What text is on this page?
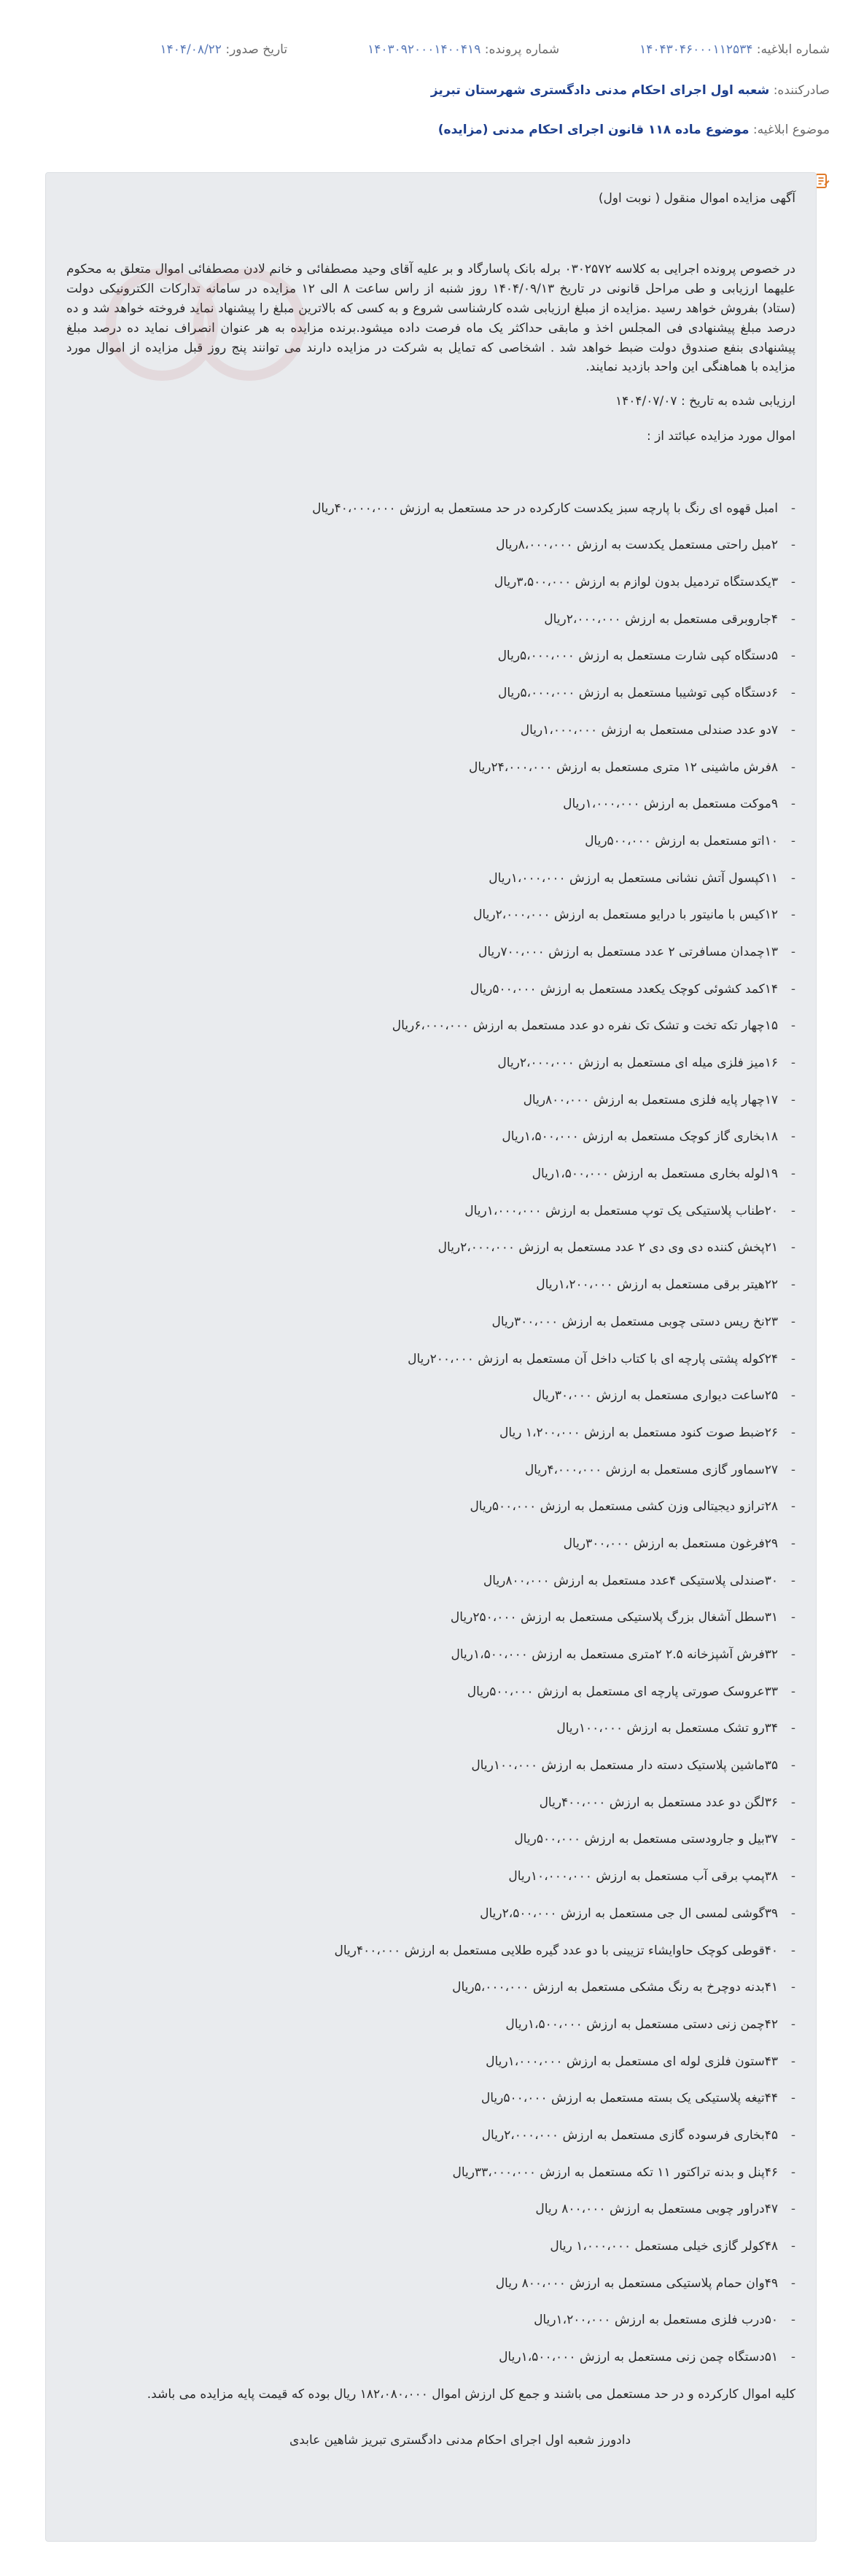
شماره ابلاغیه: ۱۴۰۴۳۰۴۶۰۰۰۱۱۲۵۳۴
شماره پرونده: ۱۴۰۳۰۹۲۰۰۰۱۴۰۰۴۱۹
تاریخ صدور: ۱۴۰۴/۰۸/۲۲
صادرکننده: شعبه اول اجرای احکام مدنی دادگستری شهرستان تبریز
موضوع ابلاغیه: موضوع ماده ۱۱۸ قانون اجرای احکام مدنی (مزایده)
آگهی مزایده اموال منقول ( نوبت اول)

در خصوص پرونده اجرایی به کلاسه ۰۳۰۲۵۷۲ برله بانک پاسارگاد و بر علیه آقای وحید مصطفائی و خانم لادن مصطفائی اموال متعلق به محکوم علیهما ارزیابی و طی مراحل قانونی در تاریخ ۱۴۰۴/۰۹/۱۳ روز شنبه از راس ساعت ۸ الی ۱۲ مزایده در سامانه تدارکات الکترونیکی دولت (ستاد) بفروش خواهد رسید .مزایده از مبلغ ارزیابی شده کارشناسی شروع و به کسی که بالاترین مبلغ را پیشنهاد نماید فروخته خواهد شد و ده درصد مبلغ پیشنهادی فی المجلس اخذ و مابقی حداکثر یک ماه فرصت داده میشود.برنده مزایده به هر عنوان انصراف نماید ده درصد مبلغ پیشنهادی بنفع صندوق دولت ضبط خواهد شد . اشخاصی که تمایل به شرکت در مزایده دارند می توانند پنج روز قبل مزایده از اموال مورد مزایده با هماهنگی این واحد بازدید نمایند.

ارزیابی شده به تاریخ : ۱۴۰۴/۰۷/۰۷
اموال مورد مزایده عبائتد از :
- امبل قهوه ای رنگ با پارچه سبز یکدست کارکرده در حد مستعمل به ارزش ۴۰،۰۰۰،۰۰۰ریال
- ۲مبل راحتی مستعمل یکدست به ارزش ۸،۰۰۰،۰۰۰ریال
- ۳یکدستگاه تردمیل بدون لوازم به ارزش ۳،۵۰۰،۰۰۰ریال
- ۴جاروبرقی مستعمل به ارزش ۲،۰۰۰،۰۰۰ریال
- ۵دستگاه کپی شارت مستعمل به ارزش ۵،۰۰۰،۰۰۰ریال
- ۶دستگاه کپی توشیبا مستعمل به ارزش ۵،۰۰۰،۰۰۰ریال
- ۷دو عدد صندلی مستعمل به ارزش ۱،۰۰۰،۰۰۰ریال
- ۸فرش ماشینی ۱۲ متری مستعمل به ارزش ۲۴،۰۰۰،۰۰۰ریال
- ۹موکت مستعمل به ارزش ۱،۰۰۰،۰۰۰ریال
- ۱۰اتو مستعمل به ارزش ۵۰۰،۰۰۰ریال
- ۱۱کپسول آتش نشانی مستعمل به ارزش ۱،۰۰۰،۰۰۰ریال
- ۱۲کیس با مانیتور با درایو مستعمل به ارزش ۲،۰۰۰،۰۰۰ریال
- ۱۳چمدان مسافرتی ۲ عدد مستعمل به ارزش ۷۰۰،۰۰۰ریال
- ۱۴کمد کشوئی کوچک یکعدد مستعمل به ارزش ۵۰۰،۰۰۰ریال
- ۱۵چهار تکه تخت و تشک تک نفره دو عدد مستعمل به ارزش ۶،۰۰۰،۰۰۰ریال
- ۱۶میز فلزی میله ای مستعمل به ارزش ۲،۰۰۰،۰۰۰ریال
- ۱۷چهار پایه فلزی مستعمل به ارزش ۸۰۰،۰۰۰ریال
- ۱۸بخاری گاز کوچک مستعمل به ارزش ۱،۵۰۰،۰۰۰ریال
- ۱۹لوله بخاری مستعمل به ارزش ۱،۵۰۰،۰۰۰ریال
- ۲۰طناب پلاستیکی یک توپ مستعمل به ارزش ۱،۰۰۰،۰۰۰ریال
- ۲۱پخش کننده دی وی دی ۲ عدد مستعمل به ارزش ۲،۰۰۰،۰۰۰ریال
- ۲۲هیتر برقی مستعمل به ارزش ۱،۲۰۰،۰۰۰ریال
- ۲۳نخ ریس دستی چوبی مستعمل به ارزش ۳۰۰،۰۰۰ریال
- ۲۴کوله پشتی پارچه ای با کتاب داخل آن مستعمل به ارزش ۲۰۰،۰۰۰ریال
- ۲۵ساعت دیواری مستعمل به ارزش ۳۰،۰۰۰ریال
- ۲۶ضبط صوت کنود مستعمل به ارزش ۱،۲۰۰،۰۰۰ ریال
- ۲۷سماور گازی مستعمل به ارزش ۴،۰۰۰،۰۰۰ریال
- ۲۸ترازو دیجیتالی وزن کشی مستعمل به ارزش ۵۰۰،۰۰۰ریال
- ۲۹فرغون مستعمل به ارزش ۳۰۰،۰۰۰ریال
- ۳۰صندلی پلاستیکی ۴عدد مستعمل به ارزش ۸۰۰،۰۰۰ریال
- ۳۱سطل آشغال بزرگ پلاستیکی مستعمل به ارزش ۲۵۰،۰۰۰ریال
- ۳۲فرش آشپزخانه ۲.۵ ۲متری مستعمل به ارزش ۱،۵۰۰،۰۰۰ریال
- ۳۳عروسک صورتی پارچه ای مستعمل به ارزش ۵۰۰،۰۰۰ریال
- ۳۴رو تشک مستعمل به ارزش ۱۰۰،۰۰۰ریال
- ۳۵ماشین پلاستیک دسته دار مستعمل به ارزش ۱۰۰،۰۰۰ریال
- ۳۶لگن دو عدد مستعمل به ارزش ۴۰۰،۰۰۰ریال
- ۳۷بیل و جارودستی مستعمل به ارزش ۵۰۰،۰۰۰ریال
- ۳۸پمپ برقی آب مستعمل به ارزش ۱۰،۰۰۰،۰۰۰ریال
- ۳۹گوشی لمسی ال جی مستعمل به ارزش ۲،۵۰۰،۰۰۰ریال
- ۴۰قوطی کوچک حاوایشاء تزیینی با دو عدد گیره طلایی مستعمل به ارزش ۴۰۰،۰۰۰ریال
- ۴۱بدنه دوچرخ به رنگ مشکی مستعمل به ارزش ۵،۰۰۰،۰۰۰ریال
- ۴۲چمن زنی دستی مستعمل به ارزش ۱،۵۰۰،۰۰۰ریال
- ۴۳ستون فلزی لوله ای مستعمل به ارزش ۱،۰۰۰،۰۰۰ریال
- ۴۴تیغه پلاستیکی یک بسته مستعمل به ارزش ۵۰۰،۰۰۰ریال
- ۴۵بخاری فرسوده گازی مستعمل به ارزش ۲،۰۰۰،۰۰۰ریال
- ۴۶پنل و بدنه تراکتور ۱۱ تکه مستعمل به ارزش ۳۳،۰۰۰،۰۰۰ریال
- ۴۷دراور چوبی مستعمل به ارزش ۸۰۰،۰۰۰ ریال
- ۴۸کولر گازی خیلی مستعمل ۱،۰۰۰،۰۰۰ ریال
- ۴۹وان حمام پلاستیکی مستعمل به ارزش ۸۰۰،۰۰۰ ریال
- ۵۰درب فلزی مستعمل به ارزش ۱،۲۰۰،۰۰۰ریال
- ۵۱دستگاه چمن زنی مستعمل به ارزش ۱،۵۰۰،۰۰۰ریال
کلیه اموال کارکرده و در حد مستعمل می باشند و جمع کل ارزش اموال ۱۸۲،۰۸۰،۰۰۰ ریال بوده که قیمت پایه مزایده می باشد.
دادورز شعبه اول اجرای احکام مدنی دادگستری تبریز شاهین عابدی
